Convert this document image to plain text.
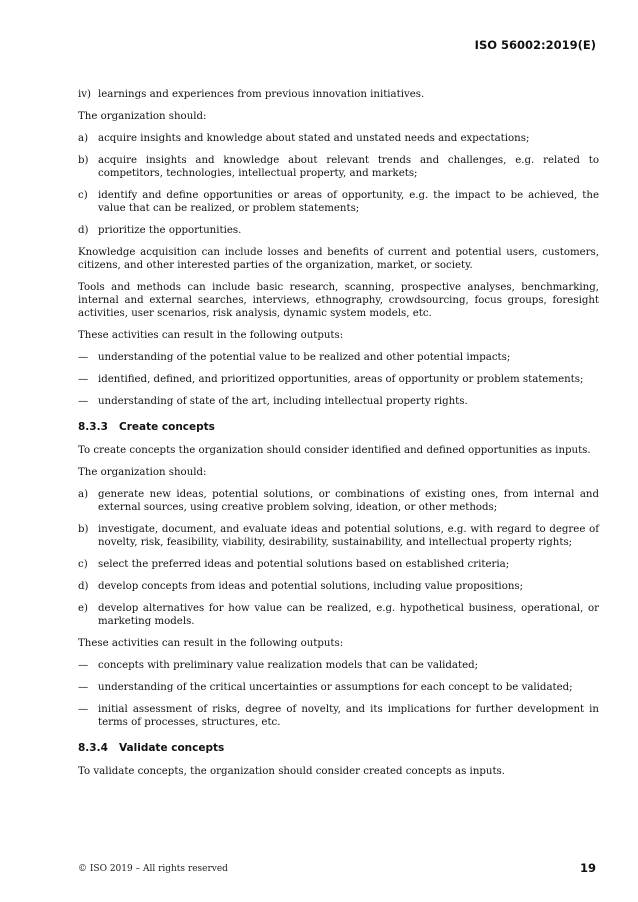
ISO 56002:2019(E)
iv) learnings and experiences from previous innovation initiatives.

The organization should:

a) acquire insights and knowledge about stated and unstated needs and expectations;
b) acquire insights and knowledge about relevant trends and challenges, e.g. related to competitors, technologies, intellectual property, and markets;
c)	identify and define opportunities or areas of opportunity, e.g. the impact to be achieved, the value that can be realized, or problem statements;
d) prioritize the opportunities.

Knowledge acquisition can include losses and benefits of current and potential users, customers, citizens, and other interested parties of the organization, market, or society.

Tools and methods can include basic research, scanning, prospective analyses, benchmarking, internal and external searches, interviews, ethnography, crowdsourcing, focus groups, foresight activities, user scenarios, risk analysis, dynamic system models, etc.

These activities can result in the following outputs:

— understanding of the potential value to be realized and other potential impacts;
— identified, defined, and prioritized opportunities, areas of opportunity or problem statements;
— understanding of state of the art, including intellectual property rights.
8.3.3 Create concepts

To create concepts the organization should consider identified and defined opportunities as inputs.

The organization should:

a) generate new ideas, potential solutions, or combinations of existing ones, from internal and external sources, using creative problem solving, ideation, or other methods;
b) investigate, document, and evaluate ideas and potential solutions, e.g. with regard to degree of novelty, risk, feasibility, viability, desirability, sustainability, and intellectual property rights;
c)	select the preferred ideas and potential solutions based on established criteria;
d) develop concepts from ideas and potential solutions, including value propositions;
e) develop alternatives for how value can be realized, e.g. hypothetical business, operational, or marketing models.

These activities can result in the following outputs:

— concepts with preliminary value realization models that can be validated;
— understanding of the critical uncertainties or assumptions for each concept to be validated;
— initial assessment of risks, degree of novelty, and its implications for further development in terms of processes, structures, etc.
8.3.4 Validate concepts

To validate concepts, the organization should consider created concepts as inputs.

© ISO 2019 – All rights reserved	19
